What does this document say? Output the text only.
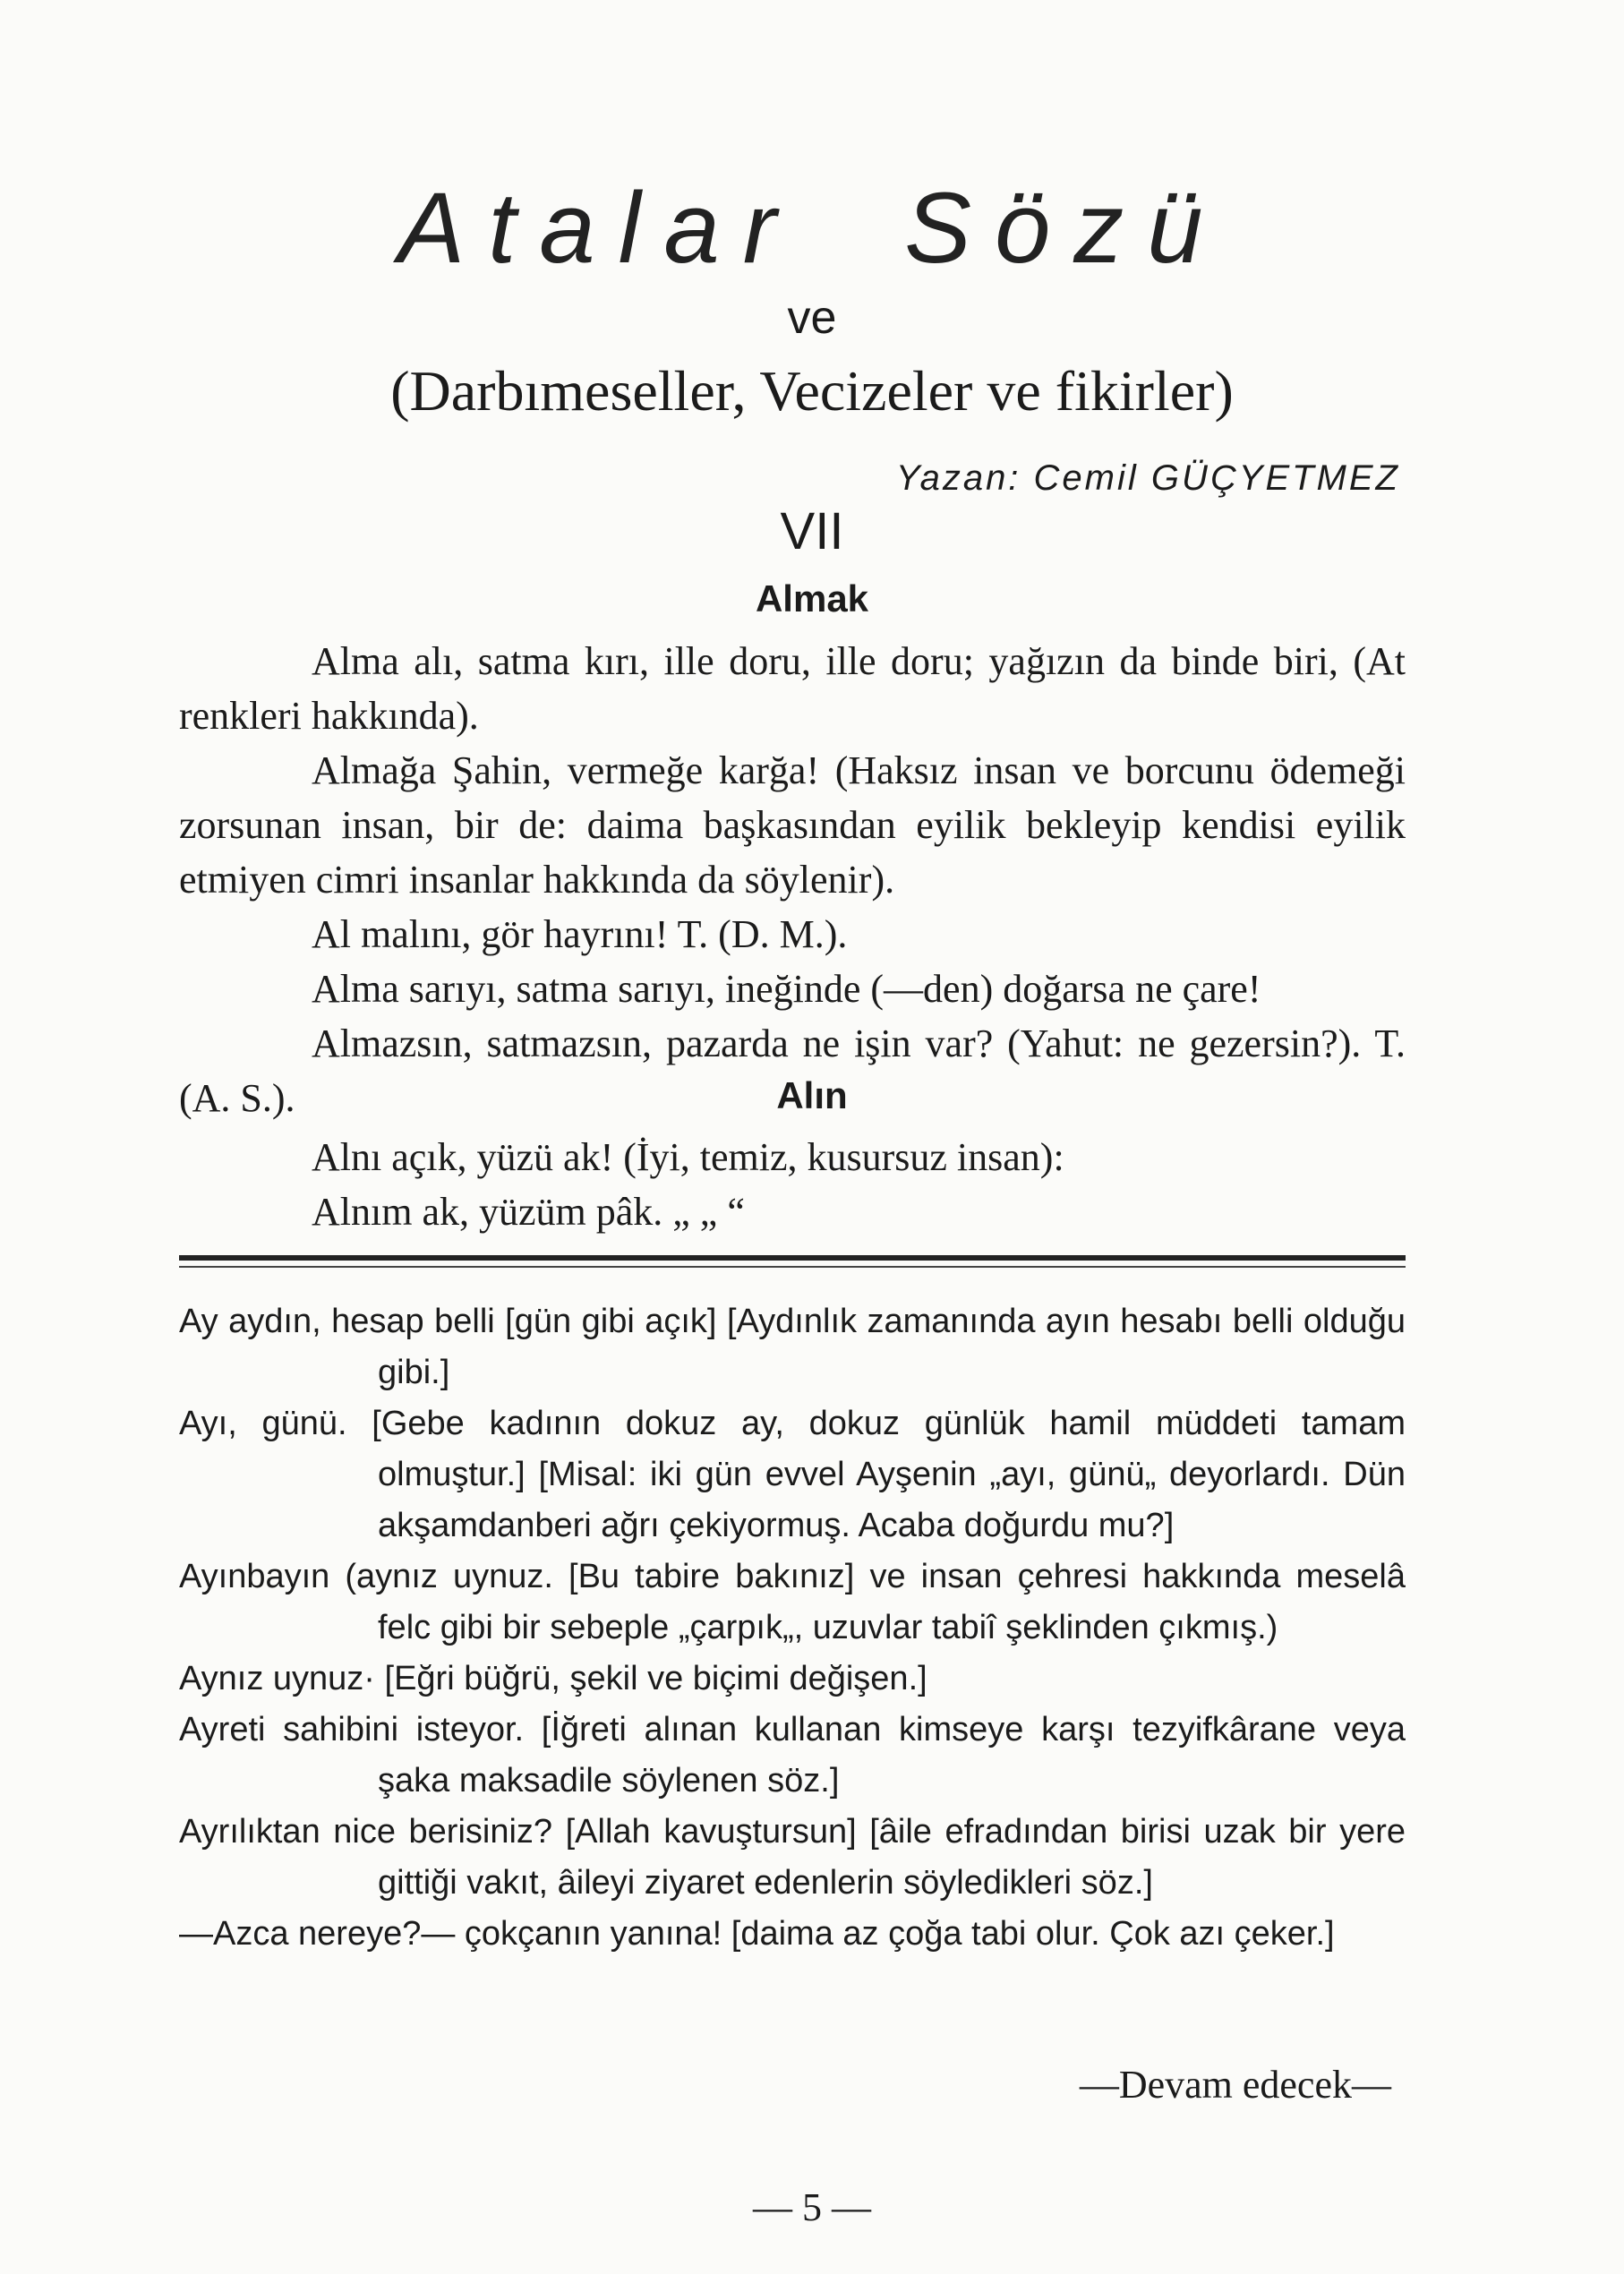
Atalar Sözü
ve
(Darbımeseller, Vecizeler ve fikirler)
Yazan: Cemil GÜÇYETMEZ
VII
Almak

Alma alı, satma kırı, ille doru, ille doru; yağızın da binde biri, (At renkleri hakkında).

Almağa Şahin, vermeğe karğa! (Haksız insan ve borcunu ödemeği zorsunan insan, bir de: daima başkasından eyilik bekleyip kendisi eyilik etmiyen cimri insanlar hakkında da söylenir).

Al malını, gör hayrını! T. (D. M.).

Alma sarıyı, satma sarıyı, ineğinde (—den) doğarsa ne çare!

Almazsın, satmazsın, pazarda ne işin var? (Yahut: ne gezersin?). T. (A. S.).	Alın

Alnı açık, yüzü ak! (İyi, temiz, kusursuz insan):

Alnım ak, yüzüm pâk. „ „ “

Ay aydın, hesap belli [gün gibi açık] [Aydınlık zamanında ayın hesabı belli olduğu gibi.]
Ayı, günü. [Gebe kadının dokuz ay, dokuz günlük hamil müddeti tamam olmuştur.] [Misal: iki gün evvel Ayşenin „ayı, günü„ deyorlardı. Dün akşamdanberi ağrı çekiyormuş. Acaba doğurdu mu?]
Ayınbayın (aynız uynuz. [Bu tabire bakınız] ve insan çehresi hakkında meselâ felc gibi bir sebeple „çarpık„, uzuvlar tabiî şeklinden çıkmış.)
Aynız uynuz· [Eğri büğrü, şekil ve biçimi değişen.]
Ayreti sahibini isteyor. [İğreti alınan kullanan kimseye karşı tezyifkârane veya şaka maksadile söylenen söz.]
Ayrılıktan nice berisiniz? [Allah kavuştursun] [âile efradından birisi uzak bir yere gittiği vakıt, âileyi ziyaret edenlerin söyledikleri söz.]
—Azca nereye?— çokçanın yanına! [daima az çoğa tabi olur. Çok azı çeker.]
—Devam edecek—
— 5 —
